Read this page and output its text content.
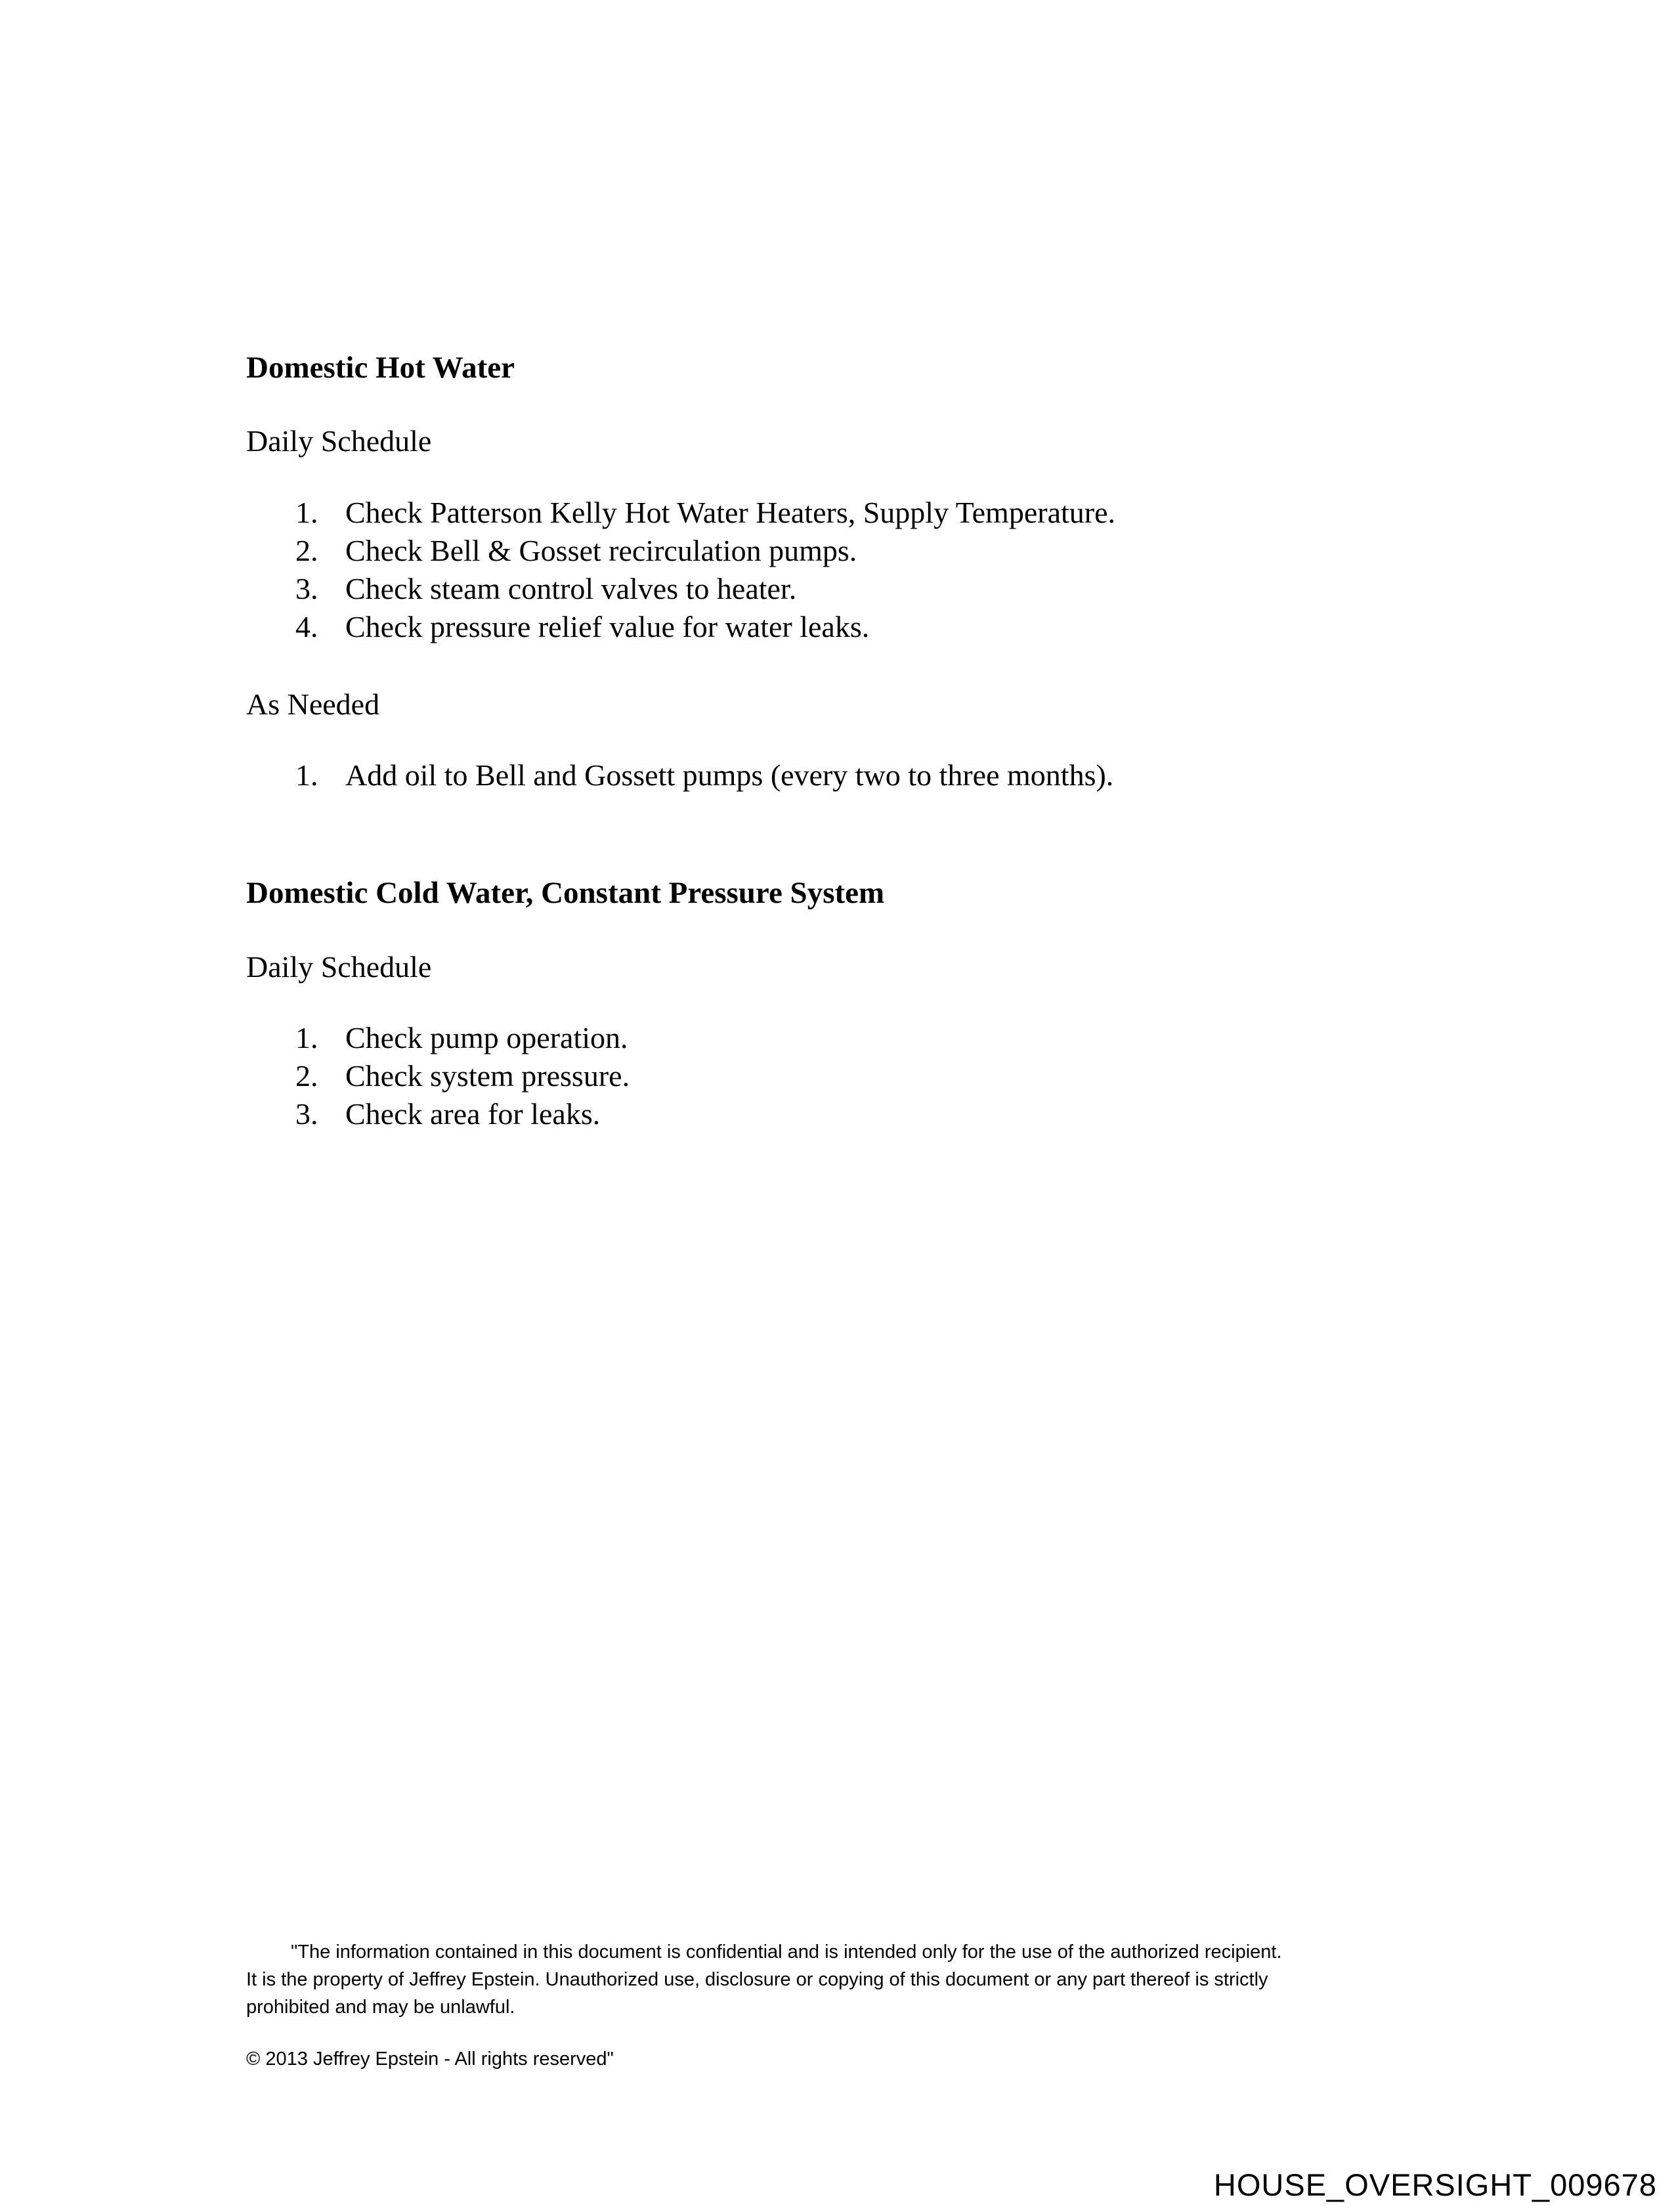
Domestic Hot Water

Daily Schedule

1. Check Patterson Kelly Hot Water Heaters, Supply Temperature.
2. Check Bell & Gosset recirculation pumps.
3. Check steam control valves to heater.
4. Check pressure relief value for water leaks.

As Needed

1. Add oil to Bell and Gossett pumps (every two to three months).
Domestic Cold Water, Constant Pressure System

Daily Schedule

1. Check pump operation.
2. Check system pressure.
3. Check area for leaks.
"The information contained in this document is confidential and is intended only for the use of the authorized recipient.
It is the property of Jeffrey Epstein. Unauthorized use, disclosure or copying of this document or any part thereof is strictly
prohibited and may be unlawful.

© 2013 Jeffrey Epstein - All rights reserved"

HOUSE_OVERSIGHT_009678
